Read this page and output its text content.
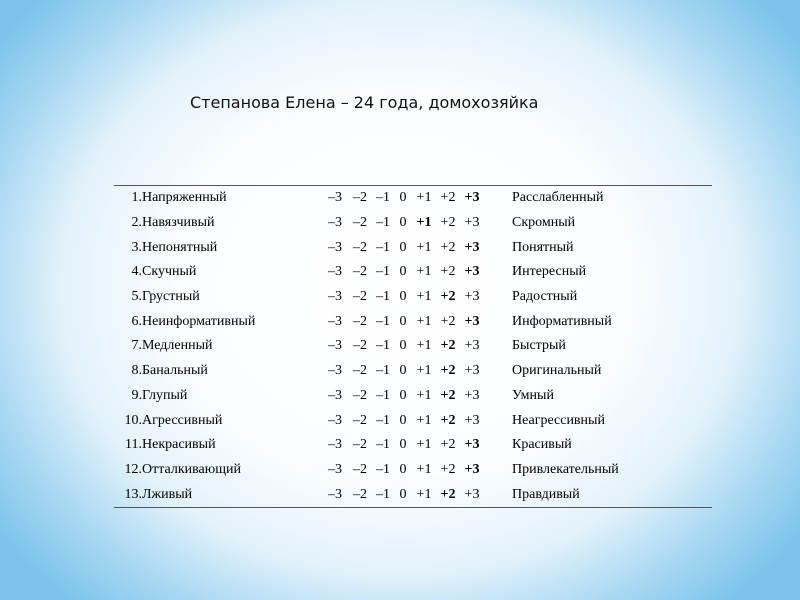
Степанова Елена – 24 года, домохозяйка
1.	Напряженный	–3 –2 –1 0 +1 +2 +3	Расслабленный
2.	Навязчивый	–3 –2 –1 0 +1 +2 +3	Скромный
3.	Непонятный	–3 –2 –1 0 +1 +2 +3	Понятный
4.	Скучный	–3 –2 –1 0 +1 +2 +3	Интересный
5.	Грустный	–3 –2 –1 0 +1 +2 +3	Радостный
6.	Неинформативный	–3 –2 –1 0 +1 +2 +3	Информативный
7.	Медленный	–3 –2 –1 0 +1 +2 +3	Быстрый
8.	Банальный	–3 –2 –1 0 +1 +2 +3	Оригинальный
9.	Глупый	–3 –2 –1 0 +1 +2 +3	Умный
10.	Агрессивный	–3 –2 –1 0 +1 +2 +3	Неагрессивный
11.	Некрасивый	–3 –2 –1 0 +1 +2 +3	Красивый
12.	Отталкивающий	–3 –2 –1 0 +1 +2 +3	Привлекательный
13.	Лживый	–3 –2 –1 0 +1 +2 +3	Правдивый
